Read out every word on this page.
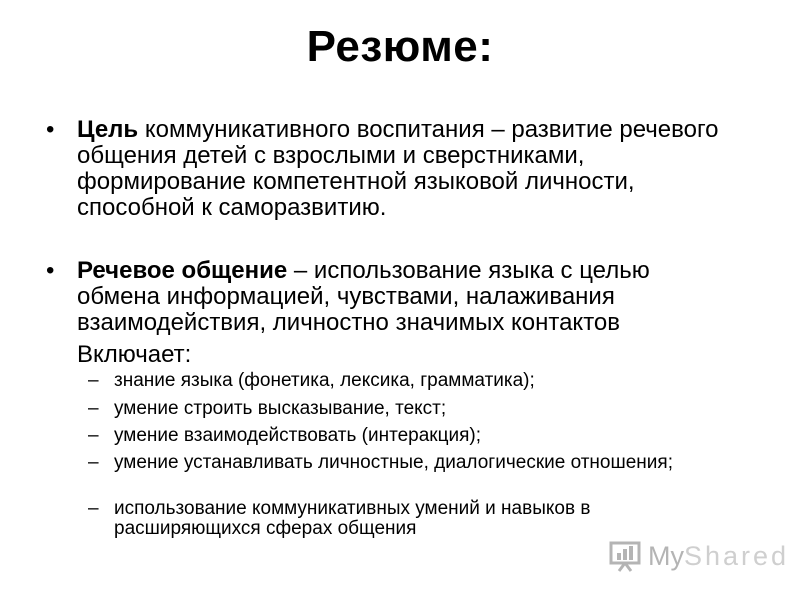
Резюме:
• Цель коммуникативного воспитания – развитие речевого общения детей с взрослыми и сверстниками, формирование компетентной языковой личности, способной к саморазвитию.
• Речевое общение – использование языка с целью обмена информацией, чувствами, налаживания взаимодействия, личностно значимых контактов
Включает:
– знание языка (фонетика, лексика, грамматика);
– умение строить высказывание, текст;
– умение взаимодействовать (интеракция);
– умение устанавливать личностные, диалогические отношения;
– использование коммуникативных умений и навыков в расширяющихся сферах общения
My Shared
